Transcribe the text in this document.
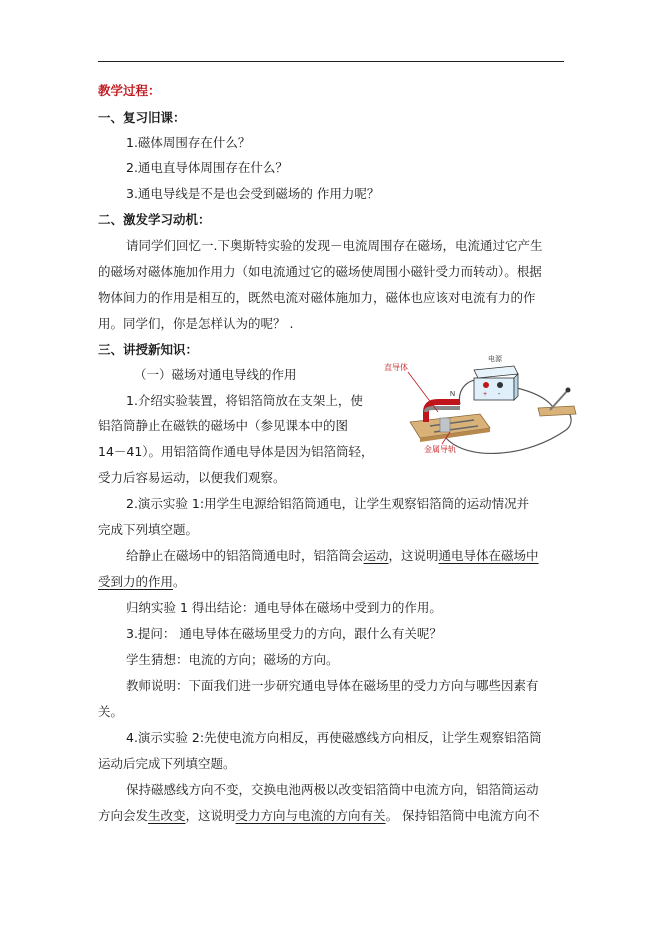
教学过程：
一、复习旧课：
1.磁体周围存在什么？
2.通电直导体周围存在什么？
3.通电导线是不是也会受到磁场的 作用力呢？
二、激发学习动机：
请同学们回忆一.下奥斯特实验的发现－电流周围存在磁场，电流通过它产生
的磁场对磁体施加作用力（如电流通过它的磁场使周围小磁针受力而转动）。根据
物体间力的作用是相互的，既然电流对磁体施加力，磁体也应该对电流有力的作
用。同学们，你是怎样认为的呢？ .
三、讲授新知识：
（一）磁场对通电导线的作用
1.介绍实验装置，将铝箔筒放在支架上，使
铝箔筒静止在磁铁的磁场中（参见课本中的图
14－41）。用铝箔筒作通电导体是因为铝箔筒轻，
受力后容易运动，以便我们观察。
2.演示实验 1:用学生电源给铝箔筒通电，让学生观察铝箔筒的运动情况并
完成下列填空题。
给静止在磁场中的铝箔筒通电时，铝箔筒会运动，这说明通电导体在磁场中
受到力的作用。
归纳实验 1 得出结论：通电导体在磁场中受到力的作用。
3.提问： 通电导体在磁场里受力的方向，跟什么有关呢？
学生猜想：电流的方向；磁场的方向。
教师说明：下面我们进一步研究通电导体在磁场里的受力方向与哪些因素有
关。
4.演示实验 2:先使电流方向相反，再使磁感线方向相反，让学生观察铝箔筒
运动后完成下列填空题。
保持磁感线方向不变，交换电池两极以改变铝箔筒中电流方向，铝箔筒运动
方向会发生改变，这说明受力方向与电流的方向有关。 保持铝箔筒中电流方向不
N	+ -
电源
直导体
金属导轨
